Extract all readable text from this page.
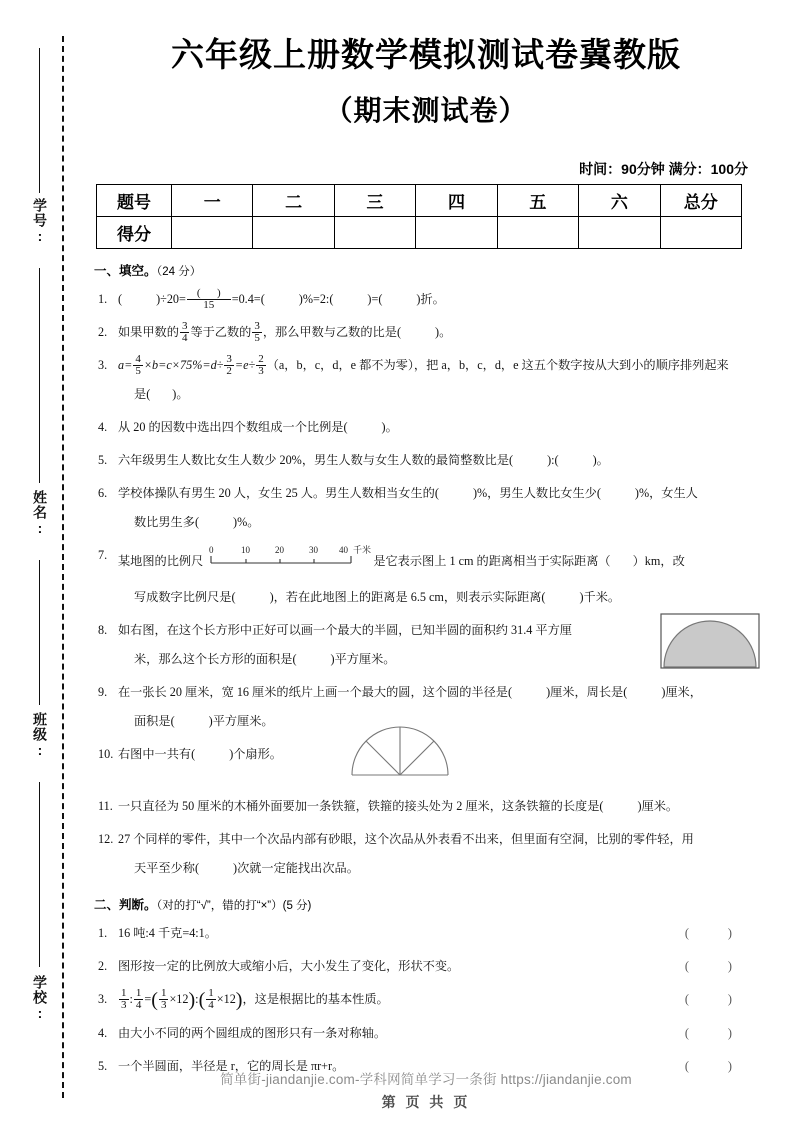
学号:
姓名:
班级:
学校:
六年级上册数学模拟测试卷冀教版
（期末测试卷）
时间：90分钟 满分：100分
题号	一	二	三	四	五	六	总分
得分							
一、填空。（24 分）
1. (  )	$\div 20= \frac{( )}{15} =0.4=$ (  )	%=2: (  )	= (  )	折。
2. 如果甲数的 $\frac{3}{4}$ 等于乙数的 $\frac{3}{5}$ ，那么甲数与乙数的比是 (  )	。
3. $a= \frac{4}{5} \times b=c\times 75\%=d\div \frac{3}{2} =e\div \frac{2}{3} (a$，b，c，d，e 都不为零），把 a，b，c，d，e 这五个数字按从大到小的顺序排列起来
是 (  ) 。
4. 从 20 的因数中选出四个数组成一个比例是 (  )	。
5. 六年级男生人数比女生人数少 20%，男生人数与女生人数的最简整数比是 (  )	: (  )	。
6. 学校体操队有男生 20 人，女生 25 人。男生人数相当女生的 (  )	%，男生人数比女生少 (  )	%，女生人
数比男生多 (  )	%。
7. 某地图的比例尺
0	10	20	30 40 千米
是它表示图上 1 cm 的距离相当于实际距离（ ）km，改
写成数字比例尺是 (  )	，若在此地图上的距离是 6.5 cm，则表示实际距离 (  )	千米。
8. 如右图，在这个长方形中正好可以画一个最大的半圆，已知半圆的面积约 31.4 平方厘
米，那么这个长方形的面积是 (  )	平方厘米。
9. 在一张长 20 厘米，宽 16 厘米的纸片上画一个最大的圆，这个圆的半径是 (  )	厘米，周长是 (  )	厘米，
面积是 (  )	平方厘米。
10. 右图中一共有 (  )	个扇形。
11. 一只直径为 50 厘米的木桶外面要加一条铁箍，铁箍的接头处为 2 厘米，这条铁箍的长度是 (  )	厘米。
12. 27 个同样的零件，其中一个次品内部有砂眼，这个次品从外表看不出来，但里面有空洞，比别的零件轻，用
天平至少称 (  )	次就一定能找出次品。
二、判断。（对的打“√”，错的打“×”）(5 分)
1. 16 吨:4 千克=4:1。	( )
2. 图形按一定的比例放大或缩小后，大小发生了变化，形状不变。	( )
3. $\frac{1}{3}$ : $\frac{1}{4}$ =( $\frac{1}{3}$ ×12):( $\frac{1}{4} \times 12$)，这是根据比的基本性质。	( )
4. 由大小不同的两个圆组成的图形只有一条对称轴。	( )
5. 一个半圆面，半径是 r，它的周长是 πr+r。	( )
简单街-jiandanjie.com-学科网简单学习一条街 https://jiandanjie.com
第 页 共 页
